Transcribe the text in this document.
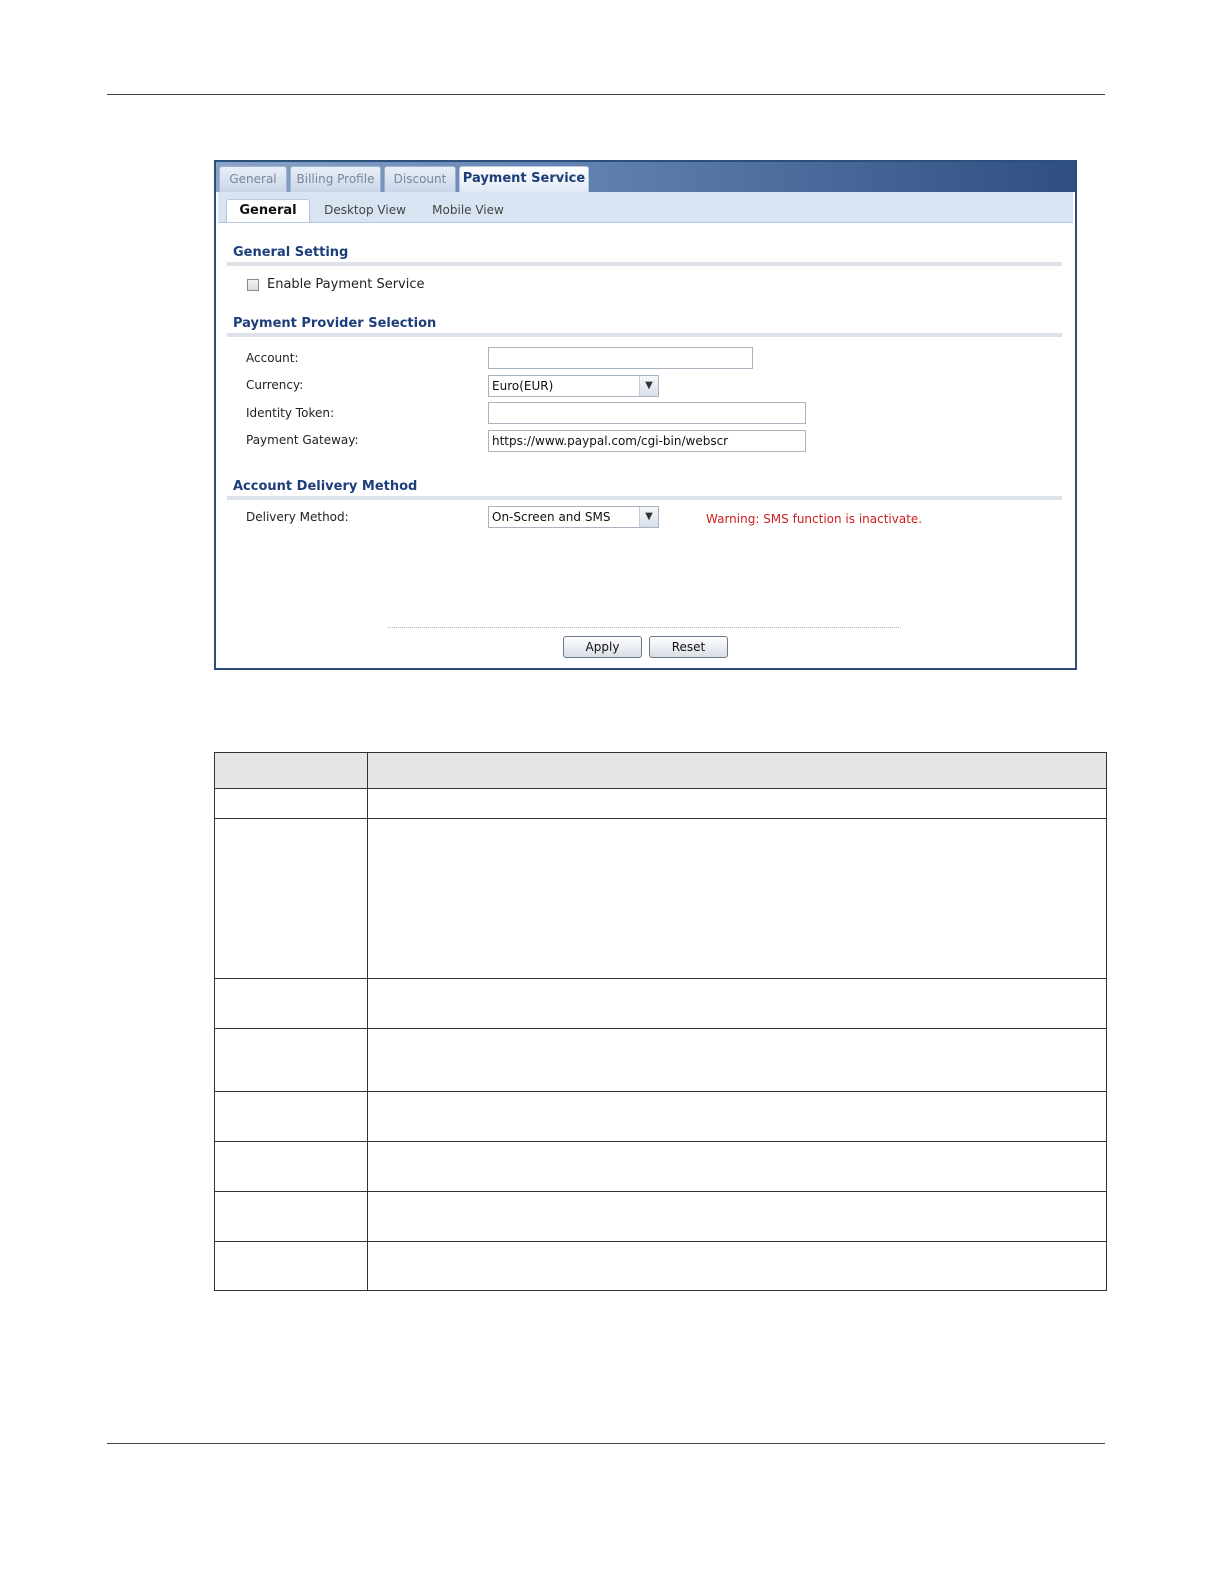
General	Billing Profile	Discount	Payment Service
General	Desktop View Mobile View
General Setting
Enable Payment Service
Payment Provider Selection
Account:
Currency:	Euro(EUR)	▼
Identity Token:
Payment Gateway:	https://www.paypal.com/cgi-bin/webscr
Account Delivery Method
Delivery Method:	On-Screen and SMS	▼	Warning: SMS function is inactivate.
Apply	Reset
